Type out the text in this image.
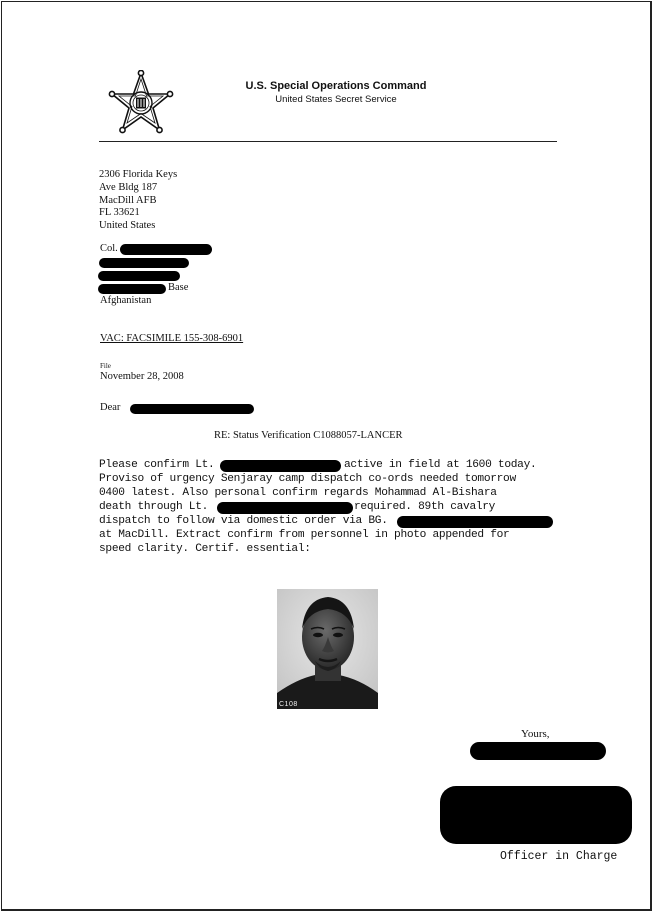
U.S. Special Operations Command
United States Secret Service
2306 Florida Keys
Ave Bldg 187
MacDill AFB
FL 33621
United States
Col.
Base
Afghanistan
VAC: FACSIMILE 155-308-6901
File
November 28, 2008
Dear
RE: Status Verification C1088057-LANCER
Please confirm Lt.	active in field at 1600 today.
Proviso of urgency Senjaray camp dispatch co-ords needed tomorrow
0400 latest. Also personal confirm regards Mohammad Al-Bishara
death through Lt.	required. 89th cavalry
dispatch to follow via domestic order via BG.
at MacDill. Extract confirm from personnel in photo appended for
speed clarity. Certif. essential:
C108
Yours,
Officer in Charge
